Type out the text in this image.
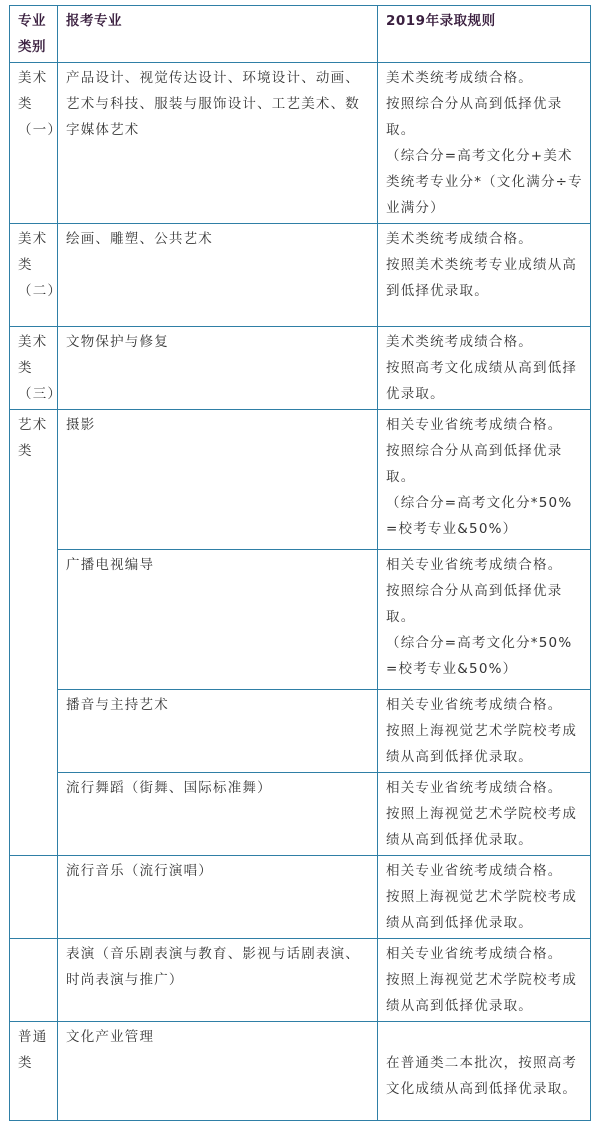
专业类别	报考专业	2019年录取规则
美术类（一）	产品设计、视觉传达设计、环境设计、动画、艺术与科技、服装与服饰设计、工艺美术、数字媒体艺术	美术类统考成绩合格。
按照综合分从高到低择优录取。
（综合分=高考文化分+美术类统考专业分*（文化满分÷专业满分）

美术类（二）	绘画、雕塑、公共艺术	美术类统考成绩合格。
按照美术类统考专业成绩从高到低择优录取。

美术类（三）	文物保护与修复	美术类统考成绩合格。
按照高考文化成绩从高到低择优录取。

艺术类	摄影	相关专业省统考成绩合格。
按照综合分从高到低择优录取。
（综合分=高考文化分*50%=校考专业&50%）

	广播电视编导	相关专业省统考成绩合格。
按照综合分从高到低择优录取。
（综合分=高考文化分*50%=校考专业&50%）

	播音与主持艺术	相关专业省统考成绩合格。
按照上海视觉艺术学院校考成绩从高到低择优录取。

	流行舞蹈（街舞、国际标准舞）	相关专业省统考成绩合格。
按照上海视觉艺术学院校考成绩从高到低择优录取。

	流行音乐（流行演唱）	相关专业省统考成绩合格。
按照上海视觉艺术学院校考成绩从高到低择优录取。

	表演（音乐剧表演与教育、影视与话剧表演、时尚表演与推广）	相关专业省统考成绩合格。
按照上海视觉艺术学院校考成绩从高到低择优录取。

普通类	文化产业管理	在普通类二本批次，按照高考文化成绩从高到低择优录取。
